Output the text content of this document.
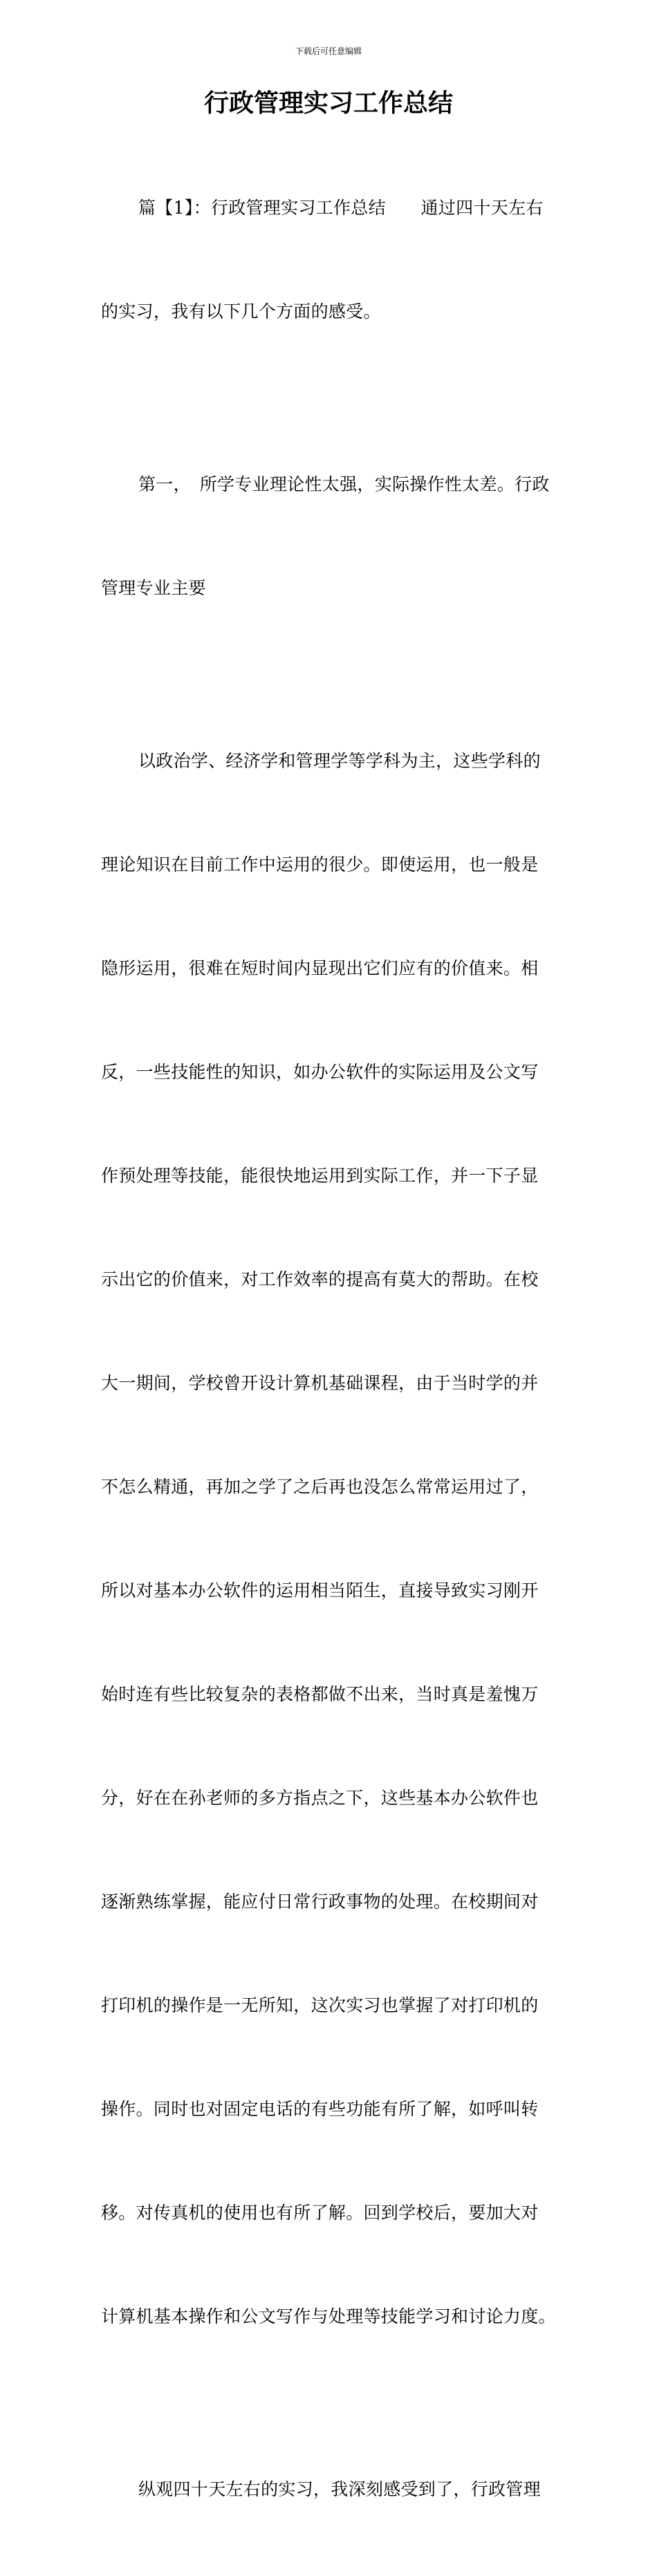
下载后可任意编辑
行政管理实习工作总结

篇【1】：行政管理实习工作总结　　通过四十天左右

的实习，我有以下几个方面的感受。

第一，　所学专业理论性太强，实际操作性太差。行政

管理专业主要

以政治学、经济学和管理学等学科为主，这些学科的

理论知识在目前工作中运用的很少。即使运用，也一般是

隐形运用，很难在短时间内显现出它们应有的价值来。相

反，一些技能性的知识，如办公软件的实际运用及公文写

作预处理等技能，能很快地运用到实际工作，并一下子显

示出它的价值来，对工作效率的提高有莫大的帮助。在校

大一期间，学校曾开设计算机基础课程，由于当时学的并

不怎么精通，再加之学了之后再也没怎么常常运用过了，

所以对基本办公软件的运用相当陌生，直接导致实习刚开

始时连有些比较复杂的表格都做不出来，当时真是羞愧万

分，好在在孙老师的多方指点之下，这些基本办公软件也

逐渐熟练掌握，能应付日常行政事物的处理。在校期间对

打印机的操作是一无所知，这次实习也掌握了对打印机的

操作。同时也对固定电话的有些功能有所了解，如呼叫转

移。对传真机的使用也有所了解。回到学校后，要加大对

计算机基本操作和公文写作与处理等技能学习和讨论力度。

纵观四十天左右的实习，我深刻感受到了，行政管理
